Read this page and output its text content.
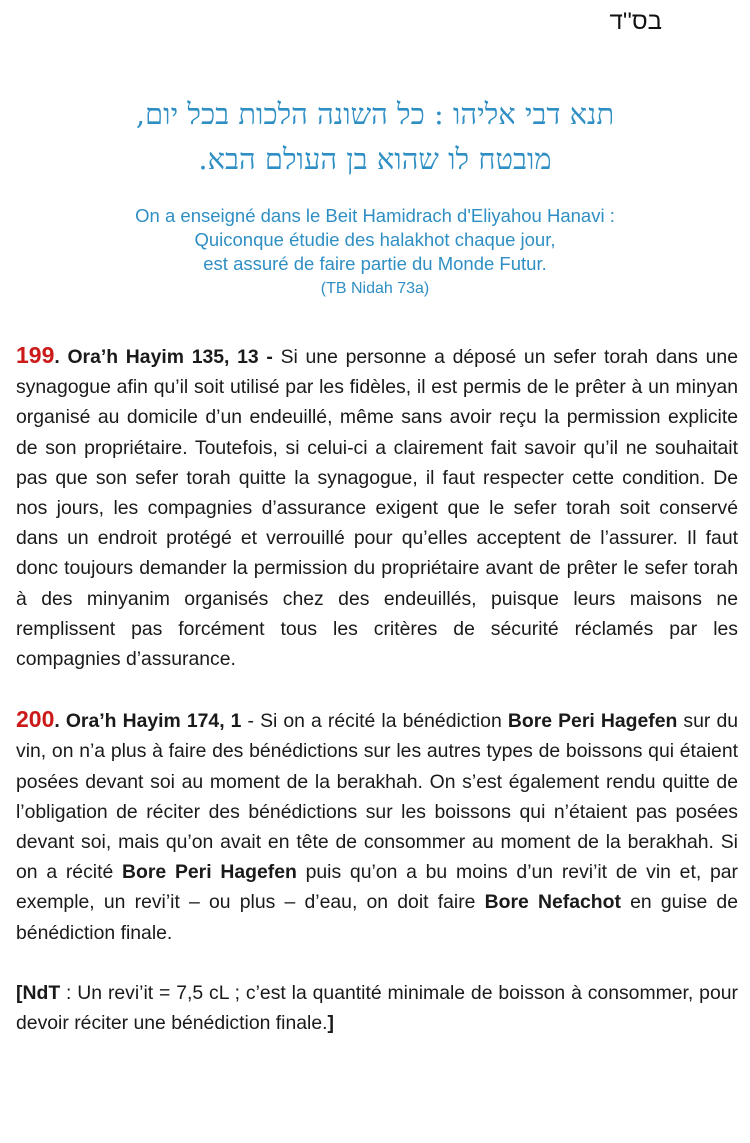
בס''ד
תנא דבי אליהו : כל השונה הלכות בכל יום,
מובטח לו שהוא בן העולם הבא.
On a enseigné dans le Beit Hamidrach d'Eliyahou Hanavi :
Quiconque étudie des halakhot chaque jour,
est assuré de faire partie du Monde Futur.
(TB Nidah 73a)

199. Ora’h Hayim 135, 13 - Si une personne a déposé un sefer torah dans une synagogue afin qu’il soit utilisé par les fidèles, il est permis de le prêter à un minyan organisé au domicile d’un endeuillé, même sans avoir reçu la permission explicite de son propriétaire. Toutefois, si celui-ci a clairement fait savoir qu’il ne souhaitait pas que son sefer torah quitte la synagogue, il faut respecter cette condition. De nos jours, les compagnies d’assurance exigent que le sefer torah soit conservé dans un endroit protégé et verrouillé pour qu’elles acceptent de l’assurer. Il faut donc toujours demander la permission du propriétaire avant de prêter le sefer torah à des minyanim organisés chez des endeuillés, puisque leurs maisons ne remplissent pas forcément tous les critères de sécurité réclamés par les compagnies d’assurance.

200. Ora’h Hayim 174, 1 - Si on a récité la bénédiction Bore Peri Hagefen sur du vin, on n’a plus à faire des bénédictions sur les autres types de boissons qui étaient posées devant soi au moment de la berakhah. On s’est également rendu quitte de l’obligation de réciter des bénédictions sur les boissons qui n’étaient pas posées devant soi, mais qu’on avait en tête de consommer au moment de la berakhah. Si on a récité Bore Peri Hagefen puis qu’on a bu moins d’un revi’it de vin et, par exemple, un revi’it – ou plus – d’eau, on doit faire Bore Nefachot en guise de bénédiction finale.

[NdT : Un revi’it = 7,5 cL ; c’est la quantité minimale de boisson à consommer, pour devoir réciter une bénédiction finale.]
